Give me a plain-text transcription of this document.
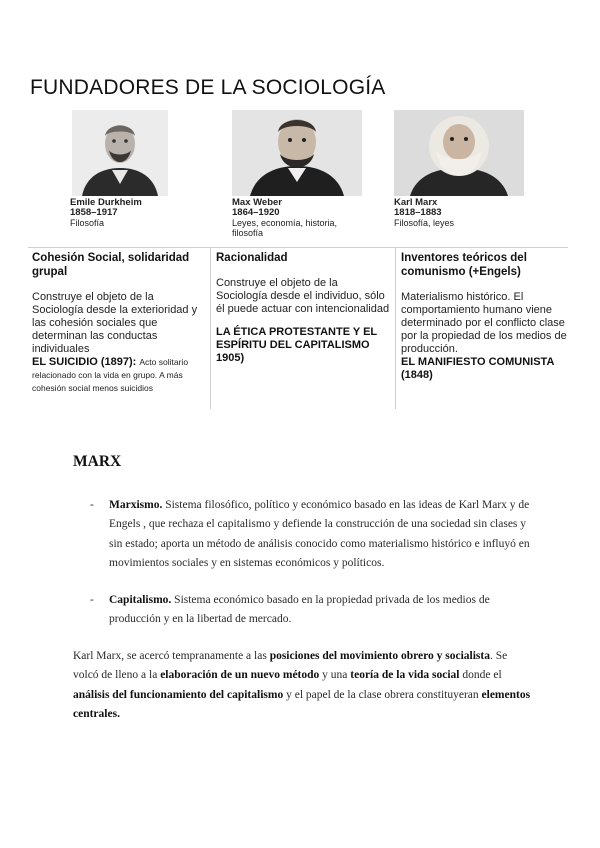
FUNDADORES DE LA SOCIOLOGÍA
Emile Durkheim
1858–1917
Filosofía
Max Weber
1864–1920
Leyes, economía, historia, filosofía
Karl Marx
1818–1883
Filosofía, leyes
Cohesión Social, solidaridad grupal
Construye el objeto de la Sociología desde la exterioridad y las cohesión sociales que determinan las conductas individuales
EL SUICIDIO (1897): Acto solitario relacionado con la vida en grupo. A más cohesión social menos suicidios
Racionalidad
Construye el objeto de la Sociología desde el individuo, sólo él puede actuar con intencionalidad
LA ÉTICA PROTESTANTE Y EL ESPÍRITU DEL CAPITALISMO 1905)
Inventores teóricos del comunismo (+Engels)
Materialismo histórico. El comportamiento humano viene determinado por el conflicto clase por la propiedad de los medios de producción.
EL MANIFIESTO COMUNISTA (1848)
MARX
- Marxismo. Sistema filosófico, político y económico basado en las ideas de Karl Marx y de Engels , que rechaza el capitalismo y defiende la construcción de una sociedad sin clases y sin estado; aporta un método de análisis conocido como materialismo histórico e influyó en movimientos sociales y en sistemas económicos y políticos.
- Capitalismo. Sistema económico basado en la propiedad privada de los medios de producción y en la libertad de mercado.

Karl Marx, se acercó tempranamente a las posiciones del movimiento obrero y socialista. Se volcó de lleno a la elaboración de un nuevo método y una teoría de la vida social donde el análisis del funcionamiento del capitalismo y el papel de la clase obrera constituyeran elementos centrales.
